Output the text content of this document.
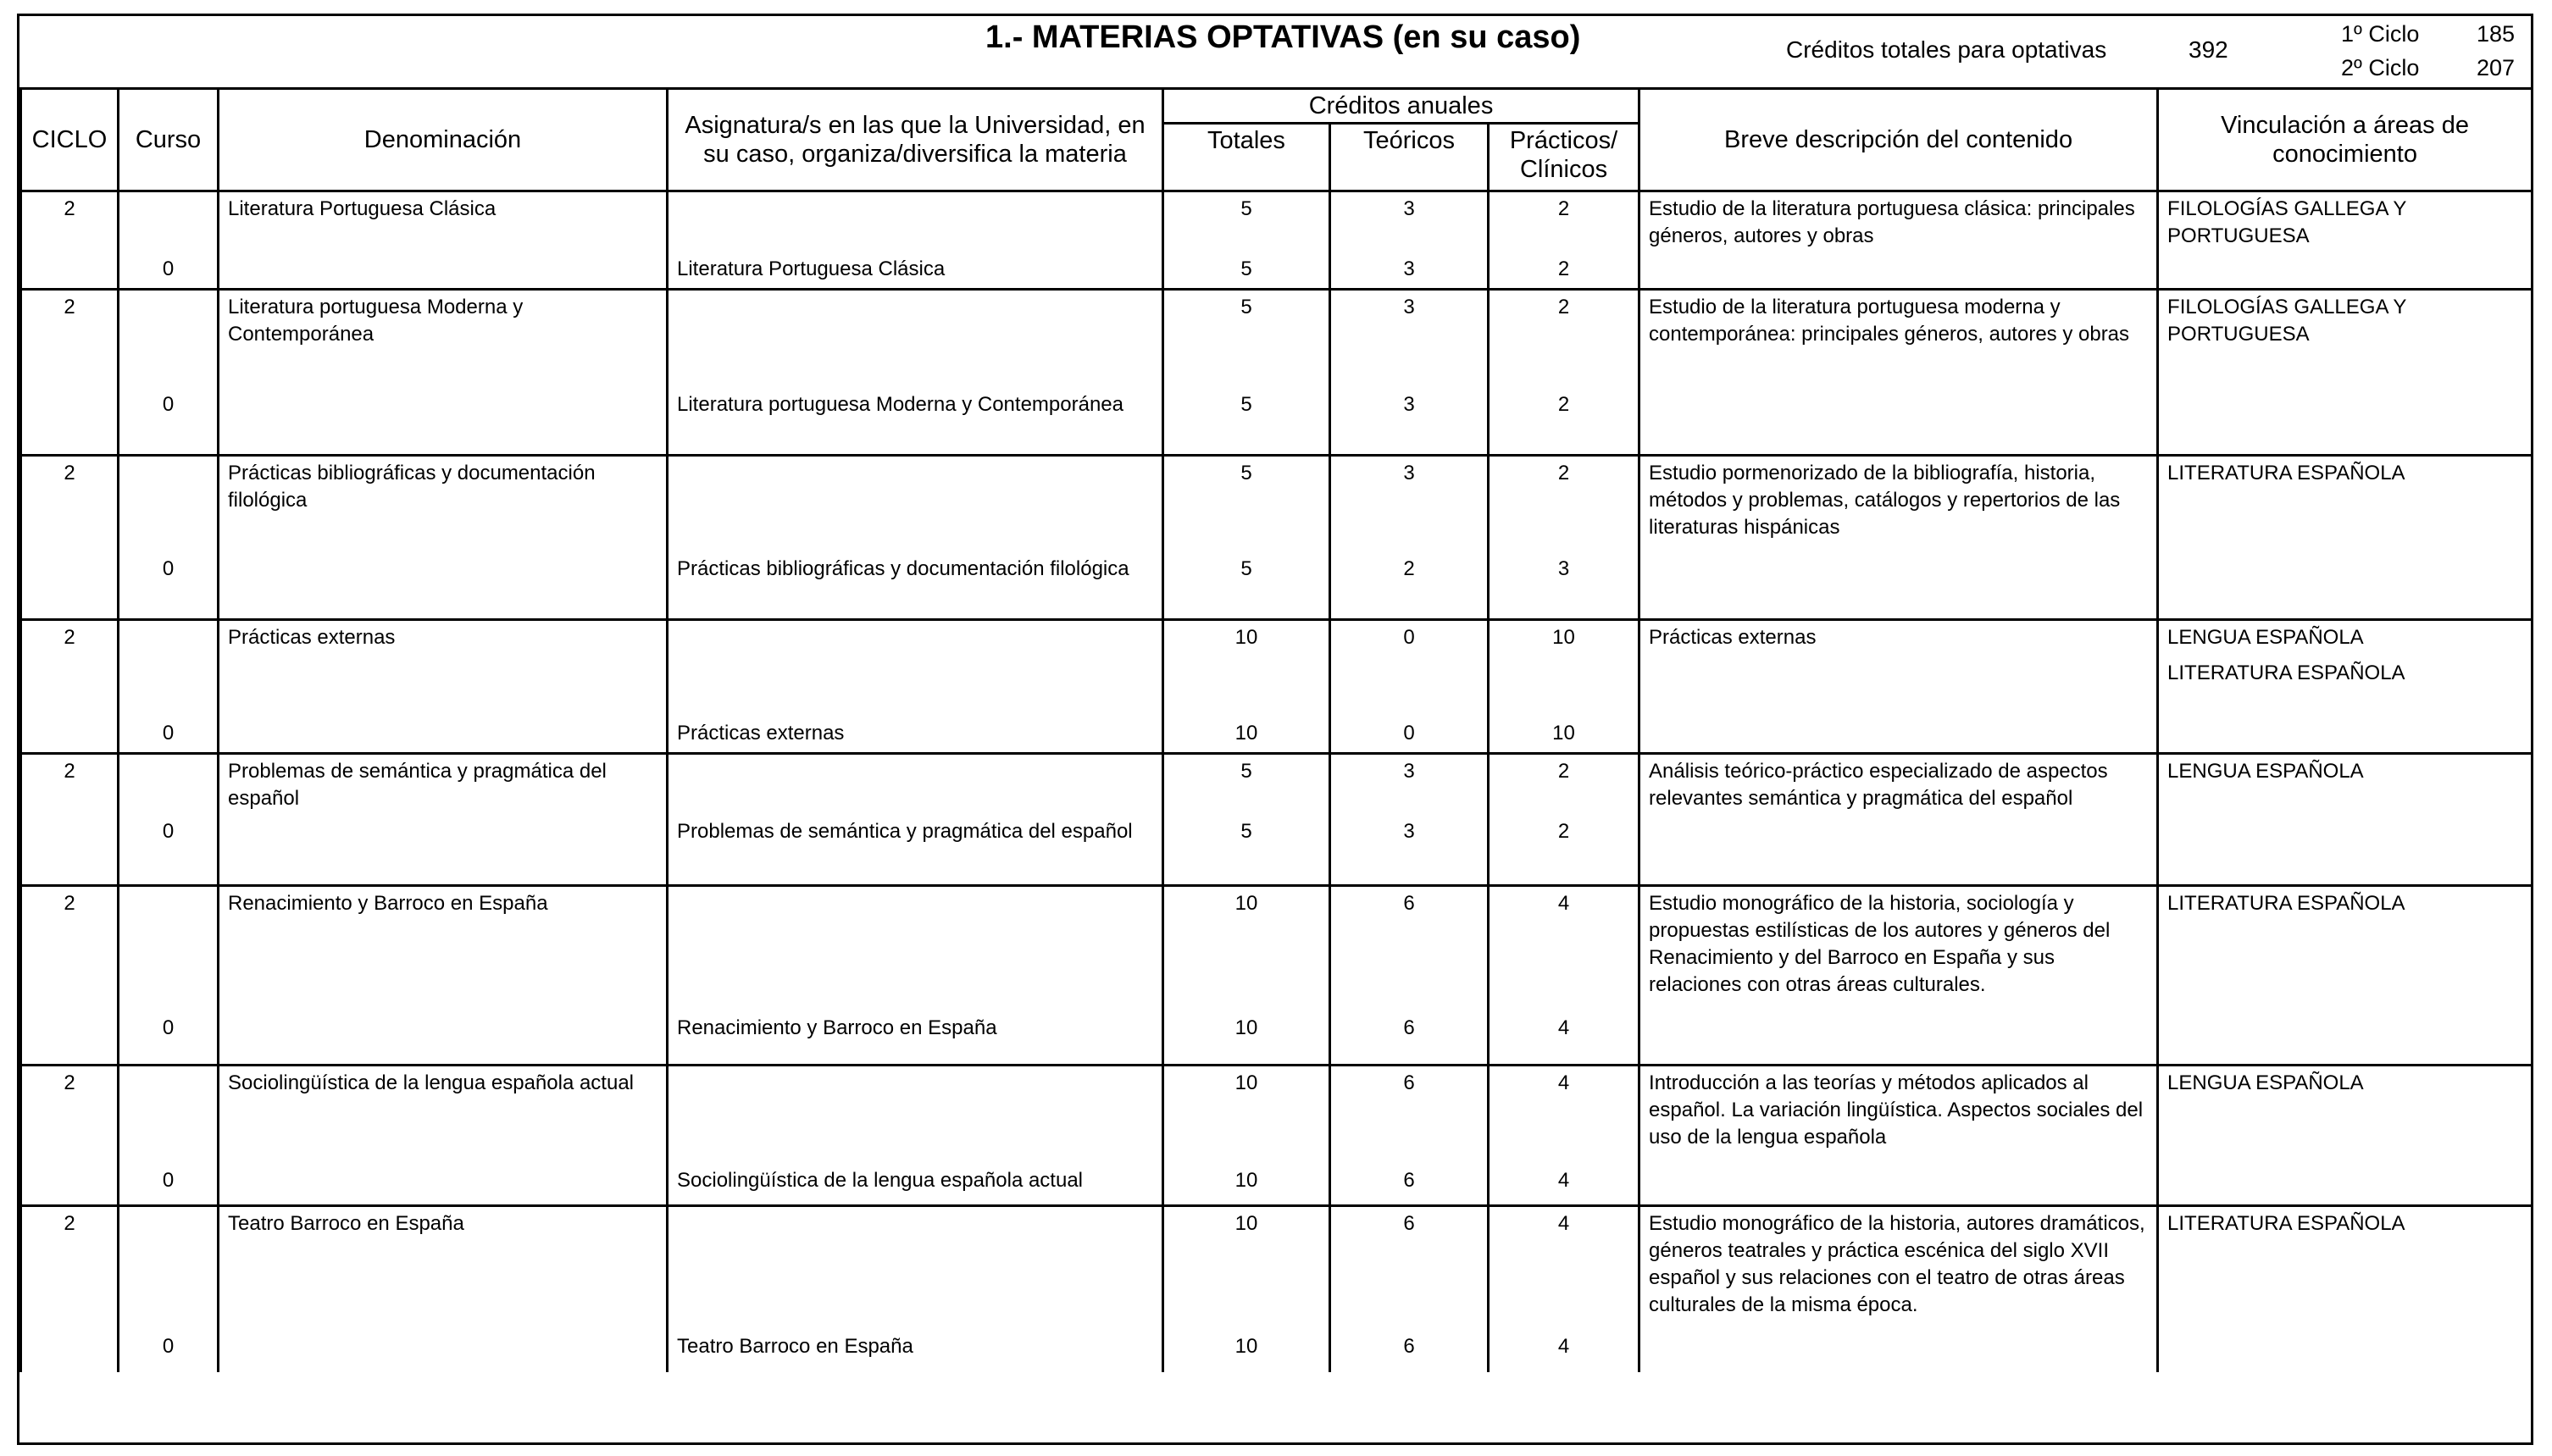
1.- MATERIAS OPTATIVAS (en su caso)	Créditos totales para optativas	392
1º Ciclo	185
2º Ciclo	207
CICLO	Curso	Denominación	Asignatura/s en las que la Universidad, en su caso, organiza/diversifica la materia	Créditos anuales			Breve descripción del contenido	Vinculación a áreas de conocimiento
				Totales	Teóricos	Prácticos/ Clínicos		
2		Literatura Portuguesa Clásica		5	3	2	Estudio de la literatura portuguesa clásica: principales géneros, autores y obras	FILOLOGÍAS GALLEGA Y PORTUGUESA

	0		Literatura Portuguesa Clásica	5	3	2		
2		Literatura portuguesa Moderna y Contemporánea		5	3	2	Estudio de la literatura portuguesa moderna y contemporánea: principales géneros, autores y obras	FILOLOGÍAS GALLEGA Y PORTUGUESA

	0		Literatura portuguesa Moderna y Contemporánea	5	3	2		
2		Prácticas bibliográficas y documentación filológica		5	3	2	Estudio pormenorizado de la bibliografía, historia, métodos y problemas, catálogos y repertorios de las literaturas hispánicas	LITERATURA ESPAÑOLA

	0		Prácticas bibliográficas y documentación filológica	5	2	3		
2		Prácticas externas		10	0	10	Prácticas externas	LENGUA ESPAÑOLA
LITERATURA ESPAÑOLA

	0		Prácticas externas	10	0	10		
2		Problemas de semántica y pragmática del español		5	3	2	Análisis teórico-práctico especializado de aspectos relevantes semántica y pragmática del español	LENGUA ESPAÑOLA

	0		Problemas de semántica y pragmática del español	5	3	2		
2		Renacimiento y Barroco en España		10	6	4	Estudio monográfico de la historia, sociología y propuestas estilísticas de los autores y géneros del Renacimiento y del Barroco en España y sus relaciones con otras áreas culturales.	LITERATURA ESPAÑOLA

	0		Renacimiento y Barroco en España	10	6	4		
2		Sociolingüística de la lengua española actual		10	6	4	Introducción a las teorías y métodos aplicados al español. La variación lingüística. Aspectos sociales del uso de la lengua española	LENGUA ESPAÑOLA

	0		Sociolingüística de la lengua española actual	10	6	4		
2		Teatro Barroco en España		10	6	4	Estudio monográfico de la historia, autores dramáticos, géneros teatrales y práctica escénica del siglo XVII español y sus relaciones con el teatro de otras áreas culturales de la misma época.	LITERATURA ESPAÑOLA

	0		Teatro Barroco en España	10	6	4		
